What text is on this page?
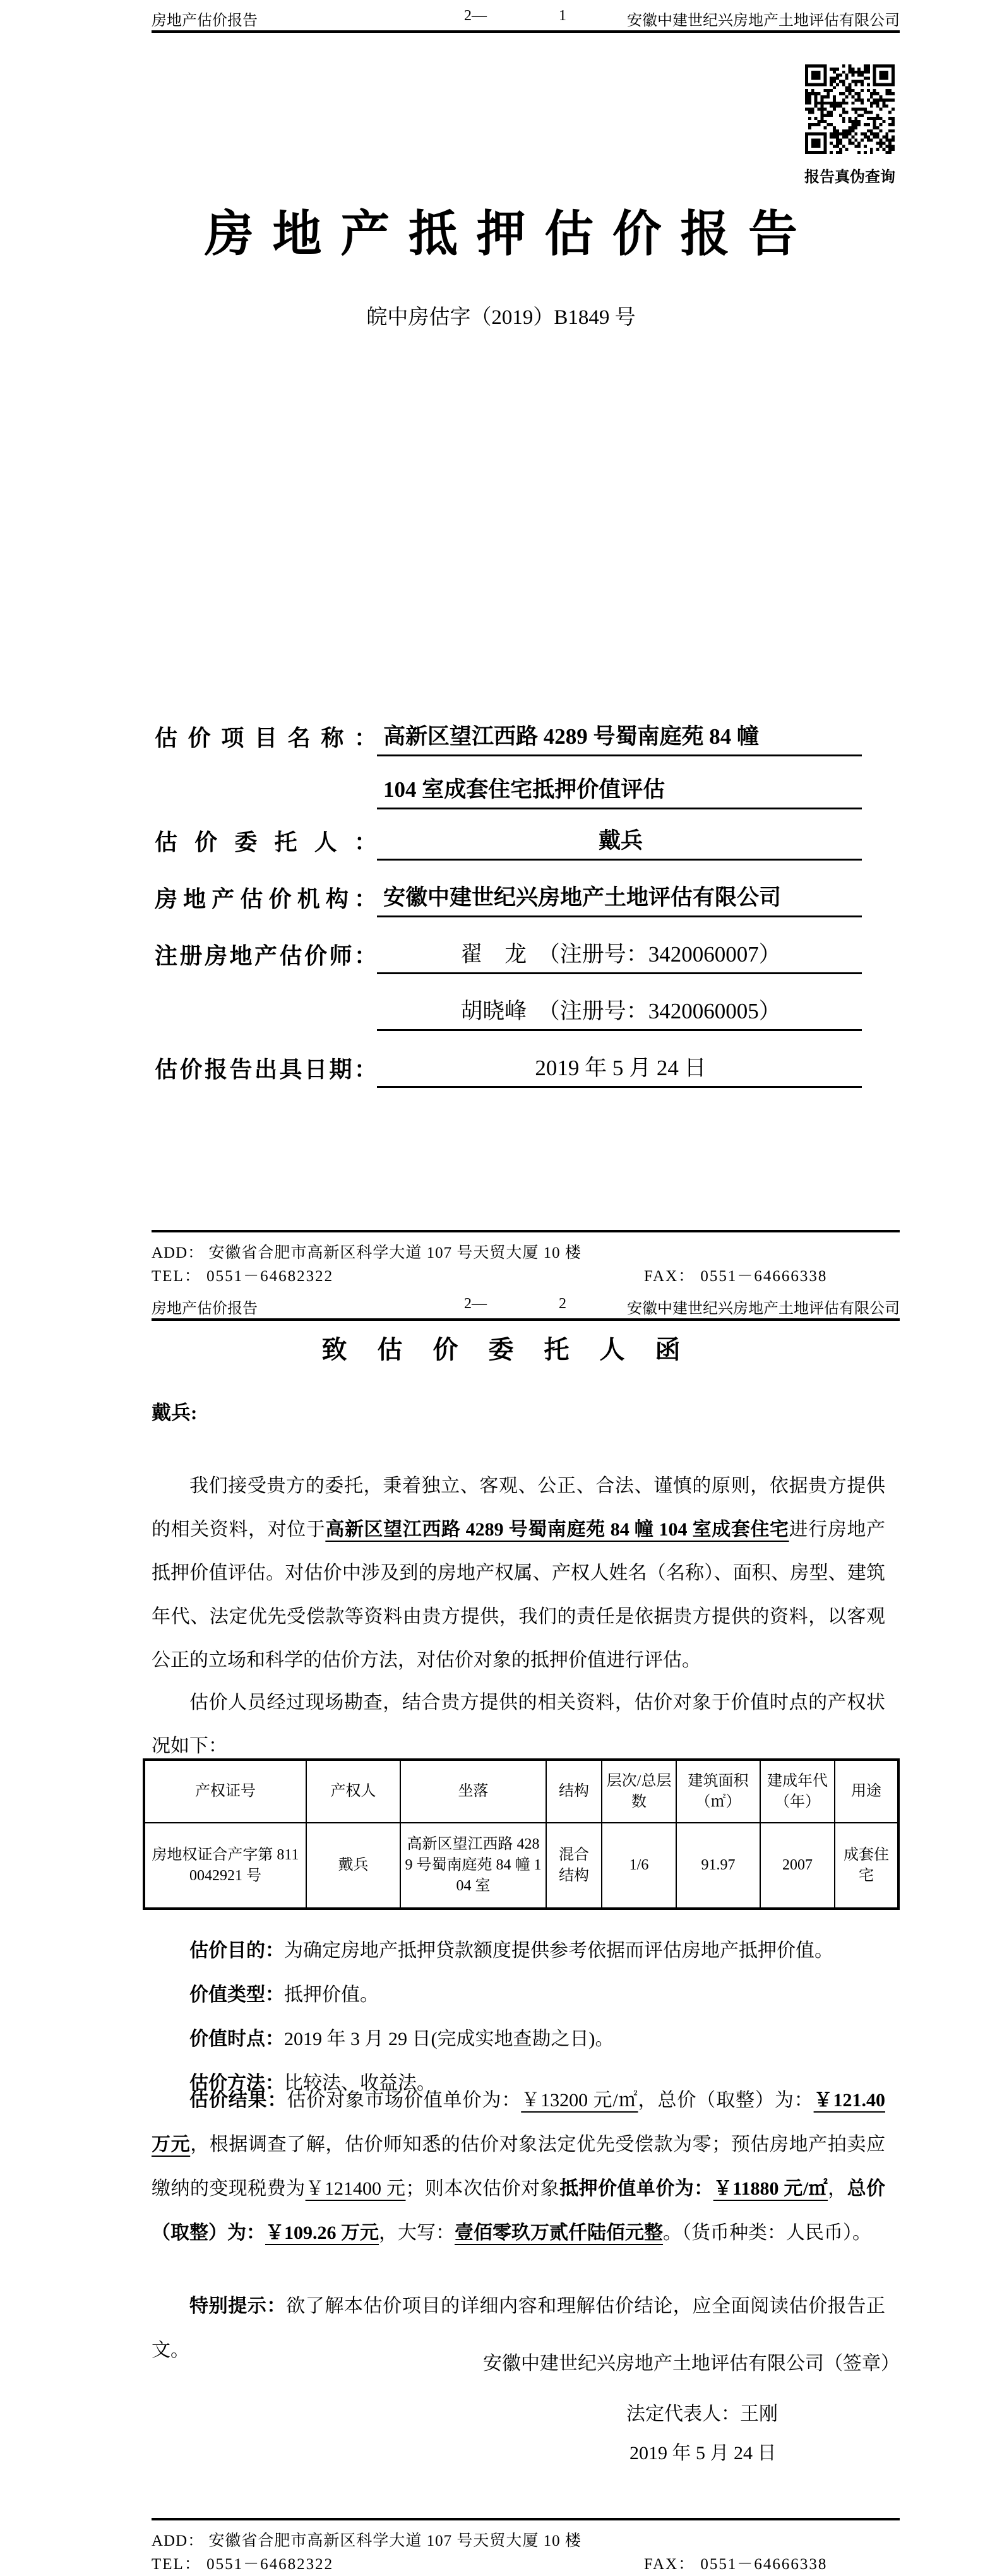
房地产估价报告	2—	1	安徽中建世纪兴房地产土地评估有限公司
报告真伪查询
房地产抵押估价报告
皖中房估字（2019）B1849 号
估价项目名称： 高新区望江西路 4289 号蜀南庭苑 84 幢
104 室成套住宅抵押价值评估
估价委托人：	戴兵
房地产估价机构： 安徽中建世纪兴房地产土地评估有限公司
注册房地产估价师：	翟　龙　（注册号：3420060007）
胡晓峰　（注册号：3420060005）
估价报告出具日期：	2019 年 5 月 24 日
ADD： 安徽省合肥市高新区科学大道 107 号天贸大厦 10 楼
TEL： 0551－64682322	FAX： 0551－64666338
房地产估价报告	2—	2	安徽中建世纪兴房地产土地评估有限公司
致估价委托人函
戴兵:

我们接受贵方的委托，秉着独立、客观、公正、合法、谨慎的原则，依据贵方提供的相关资料，对位于高新区望江西路 4289 号蜀南庭苑 84 幢 104 室成套住宅进行房地产抵押价值评估。对估价中涉及到的房地产权属、产权人姓名（名称）、面积、房型、建筑年代、法定优先受偿款等资料由贵方提供，我们的责任是依据贵方提供的资料，以客观公正的立场和科学的估价方法，对估价对象的抵押价值进行评估。

估价人员经过现场勘查，结合贵方提供的相关资料，估价对象于价值时点的产权状况如下：

产权证号	产权人	坐落	结构	层次/总层数	建筑面积（㎡）	建成年代（年）	用途
房地权证合产字第 8110042921 号	戴兵	高新区望江西路 4289 号蜀南庭苑 84 幢 104 室	混合结构	1/6	91.97	2007	成套住宅

估价目的：为确定房地产抵押贷款额度提供参考依据而评估房地产抵押价值。

价值类型：抵押价值。

价值时点：2019 年 3 月 29 日(完成实地查勘之日)。

估价方法：比较法、收益法。

估价结果：估价对象市场价值单价为：￥13200 元/㎡，总价（取整）为：￥121.40 万元，根据调查了解，估价师知悉的估价对象法定优先受偿款为零；预估房地产拍卖应缴纳的变现税费为￥121400 元；则本次估价对象抵押价值单价为：￥11880 元/㎡，总价（取整）为：￥109.26 万元，大写：壹佰零玖万贰仟陆佰元整。（货币种类：人民币）。

特别提示：欲了解本估价项目的详细内容和理解估价结论，应全面阅读估价报告正文。

安徽中建世纪兴房地产土地评估有限公司（签章）
法定代表人：王刚
2019 年 5 月 24 日
ADD： 安徽省合肥市高新区科学大道 107 号天贸大厦 10 楼
TEL： 0551－64682322	FAX： 0551－64666338
